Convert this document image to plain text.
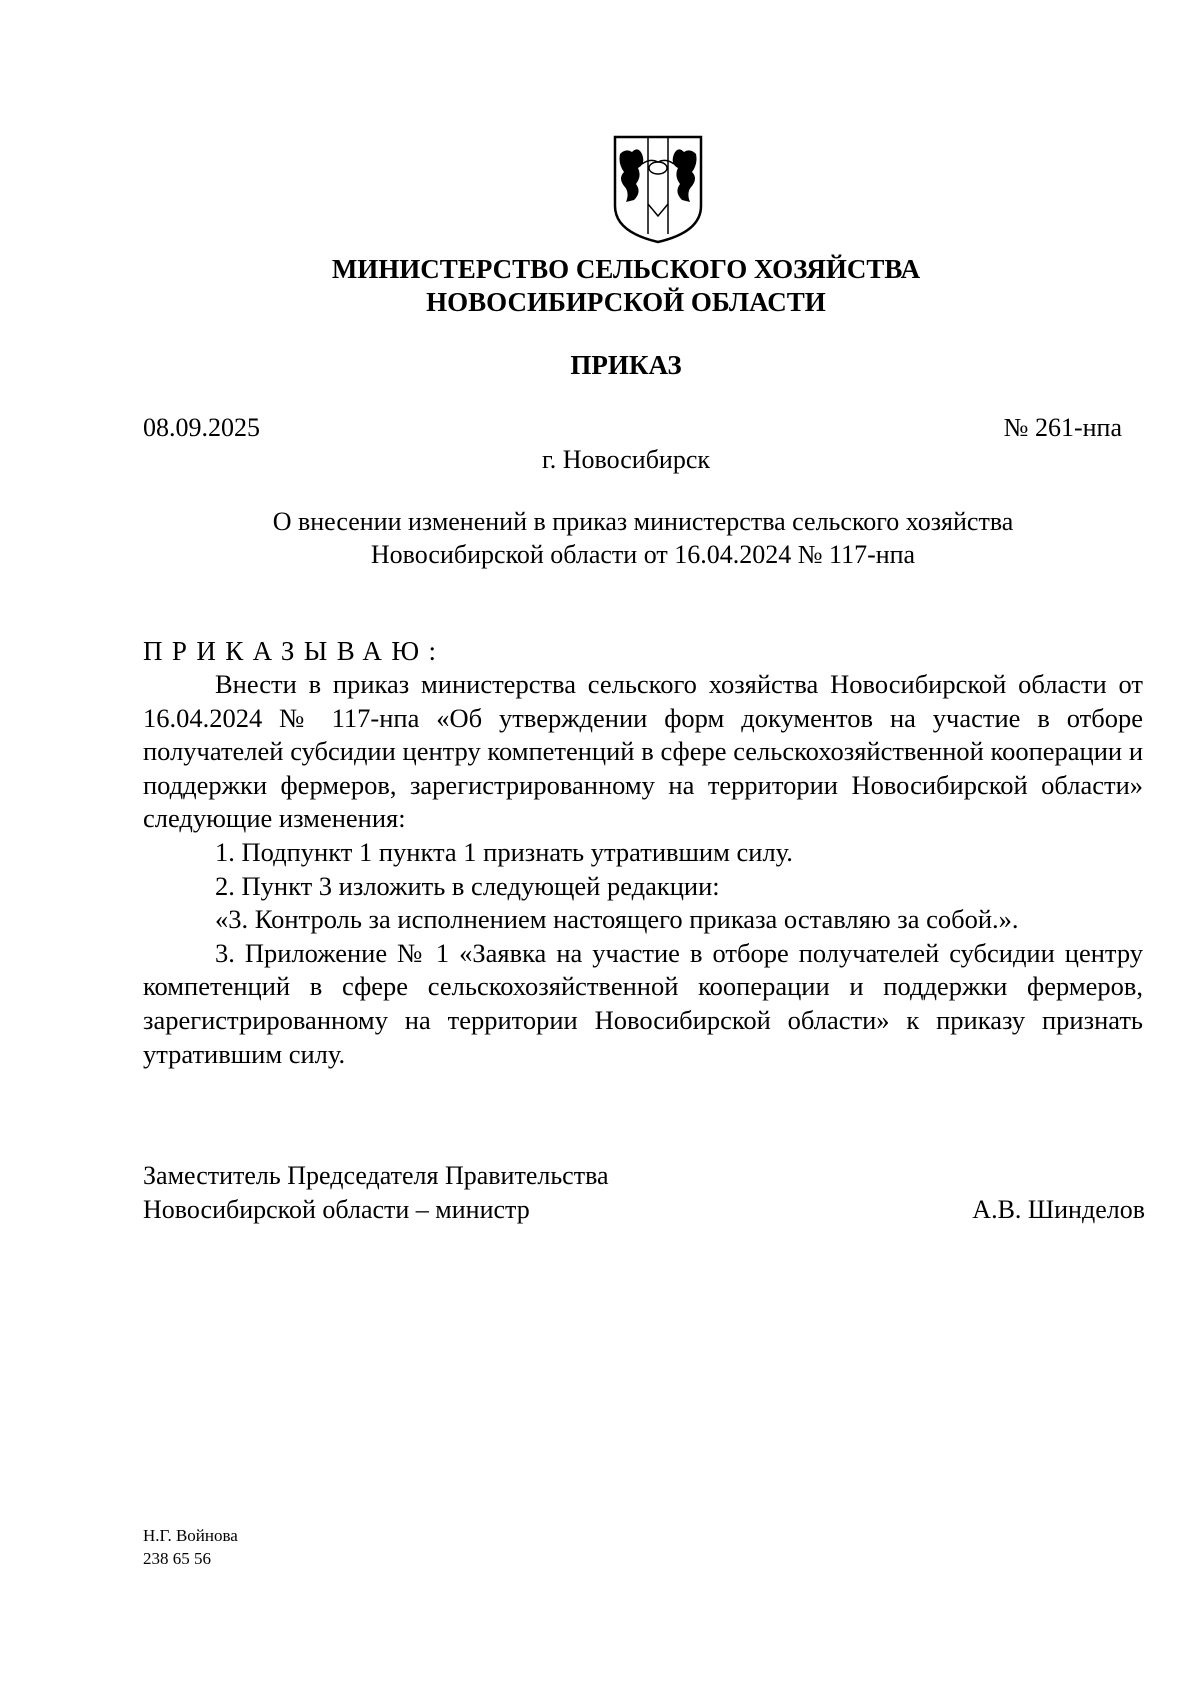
МИНИСТЕРСТВО СЕЛЬСКОГО ХОЗЯЙСТВА
НОВОСИБИРСКОЙ ОБЛАСТИ
ПРИКАЗ
08.09.2025	№ 261-нпа
г. Новосибирск
О внесении изменений в приказ министерства сельского хозяйства
Новосибирской области от 16.04.2024 № 117-нпа
ПРИКАЗЫВАЮ:

Внести в приказ министерства сельского хозяйства Новосибирской области от 16.04.2024 № 117-нпа «Об утверждении форм документов на участие в отборе получателей субсидии центру компетенций в сфере сельскохозяйственной кооперации и поддержки фермеров, зарегистрированному на территории Новосибирской области» следующие изменения:

1. Подпункт 1 пункта 1 признать утратившим силу.

2. Пункт 3 изложить в следующей редакции:

«3. Контроль за исполнением настоящего приказа оставляю за собой.».

3. Приложение № 1 «Заявка на участие в отборе получателей субсидии центру компетенций в сфере сельскохозяйственной кооперации и поддержки фермеров, зарегистрированному на территории Новосибирской области» к приказу признать утратившим силу.

Заместитель Председателя Правительства
Новосибирской области – министр	А.В. Шинделов
Н.Г. Войнова
238 65 56
